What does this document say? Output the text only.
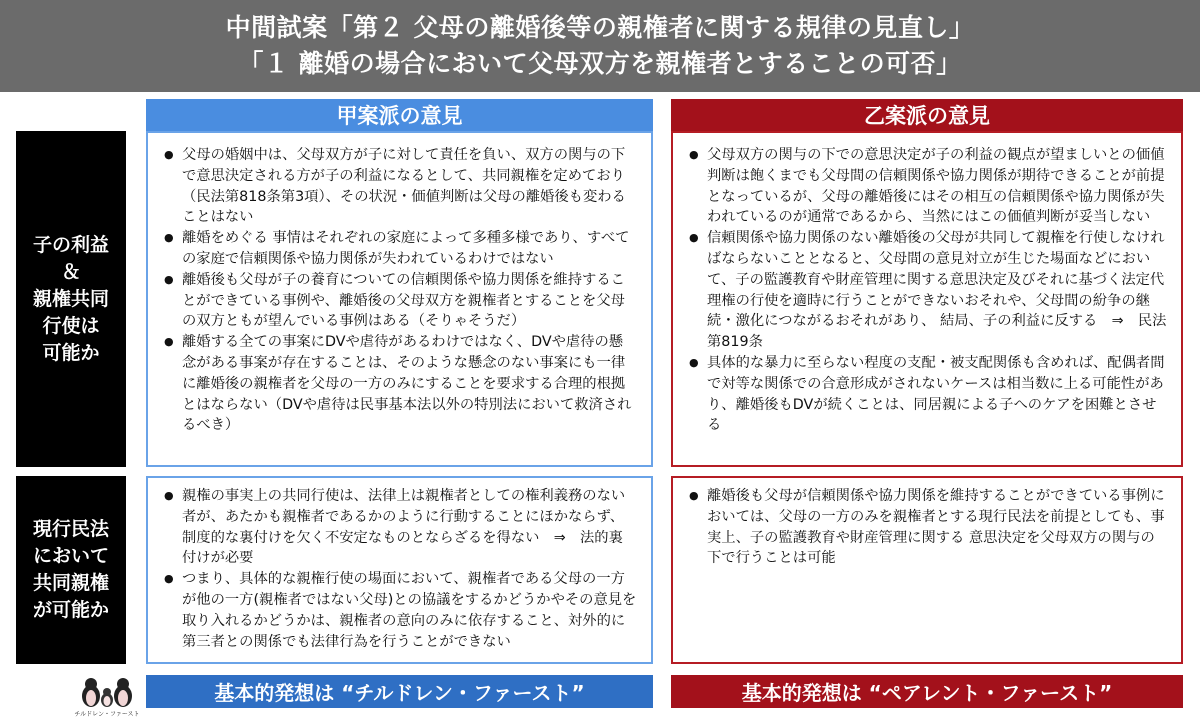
中間試案「第２ 父母の離婚後等の親権者に関する規律の見直し」
「１ 離婚の場合において父母双方を親権者とすることの可否」
子の利益
＆
親権共同
行使は
可能か
現行民法
において
共同親権
が可能か
甲案派の意見	乙案派の意見
● 父母の婚姻中は、父母双方が子に対して責任を負い、双方の関与の下で意思決定される方が子の利益になるとして、共同親権を定めており（民法第818条第3項）、その状況・価値判断は父母の離婚後も変わることはない
● 離婚をめぐる 事情はそれぞれの家庭によって多種多様であり、すべての家庭で信頼関係や協力関係が失われているわけではない
● 離婚後も父母が子の養育についての信頼関係や協力関係を維持することができている事例や、離婚後の父母双方を親権者とすることを父母の双方ともが望んでいる事例はある（そりゃそうだ）
● 離婚する全ての事案にDVや虐待があるわけではなく、DVや虐待の懸念がある事案が存在することは、そのような懸念のない事案にも一律に離婚後の親権者を父母の一方のみにすることを要求する合理的根拠とはならない（DVや虐待は民事基本法以外の特別法において救済されるべき）
● 父母双方の関与の下での意思決定が子の利益の観点が望ましいとの価値判断は飽くまでも父母間の信頼関係や協力関係が期待できることが前提となっているが、父母の離婚後にはその相互の信頼関係や協力関係が失われているのが通常であるから、当然にはこの価値判断が妥当しない
● 信頼関係や協力関係のない離婚後の父母が共同して親権を行使しなければならないこととなると、父母間の意見対立が生じた場面などにおいて、子の監護教育や財産管理に関する意思決定及びそれに基づく法定代理権の行使を適時に行うことができないおそれや、父母間の紛争の継続・激化につながるおそれがあり、 結局、子の利益に反する　⇒　民法第819条
● 具体的な暴力に至らない程度の支配・被支配関係も含めれば、配偶者間で対等な関係での合意形成がされないケースは相当数に上る可能性があり、離婚後もDVが続くことは、同居親による子へのケアを困難とさせる
● 親権の事実上の共同行使は、法律上は親権者としての権利義務のない者が、あたかも親権者であるかのように行動することにほかならず、制度的な裏付けを欠く不安定なものとならざるを得ない　⇒　法的裏付けが必要
● つまり、具体的な親権行使の場面において、親権者である父母の一方が他の一方(親権者ではない父母)との協議をするかどうかやその意見を取り入れるかどうかは、親権者の意向のみに依存すること、対外的に第三者との関係でも法律行為を行うことができない
● 離婚後も父母が信頼関係や協力関係を維持することができている事例においては、父母の一方のみを親権者とする現行民法を前提としても、事実上、子の監護教育や財産管理に関する 意思決定を父母双方の関与の下で行うことは可能
チルドレン・ファースト
基本的発想は “チルドレン・ファースト”	基本的発想は “ペアレント・ファースト”
